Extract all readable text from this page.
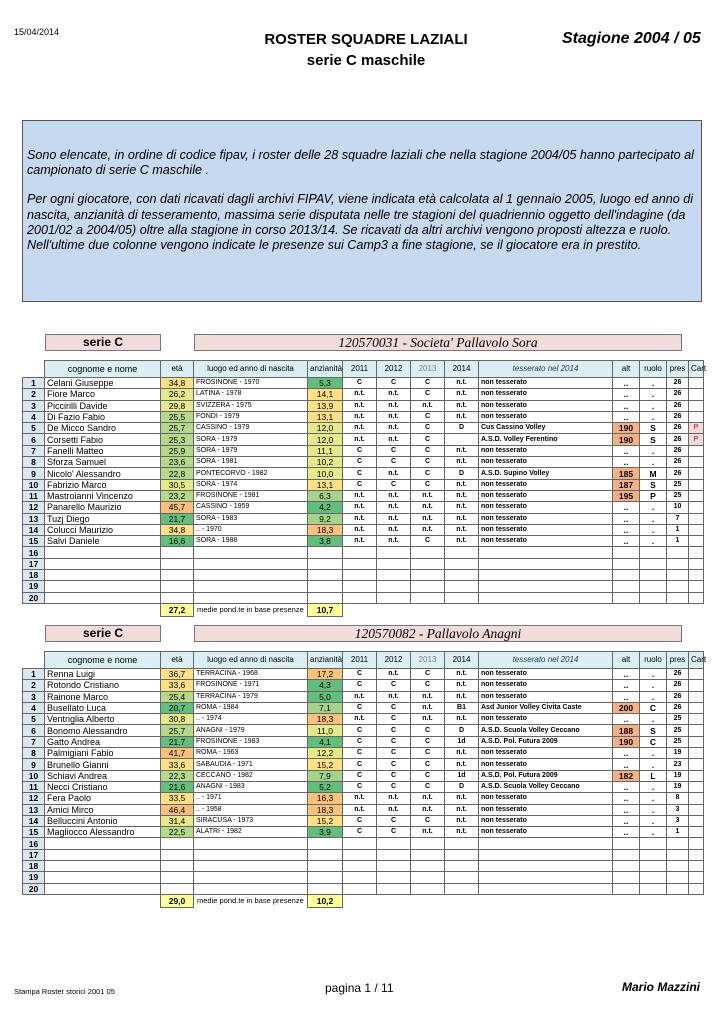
15/04/2014	ROSTER SQUADRE LAZIALI
serie C maschile
Stagione 2004 / 05

Sono elencate, in ordine di codice fipav, i roster delle 28 squadre laziali che nella stagione 2004/05 hanno partecipato al campionato di serie C maschile .

Per ogni giocatore, con dati ricavati dagli archivi FIPAV, viene indicata età calcolata al 1 gennaio 2005, luogo ed anno di nascita, anzianità di tesseramento, massima serie disputata nelle tre stagioni del quadriennio oggetto dell'indagine (da 2001/02 a 2004/05) oltre alla stagione in corso 2013/14. Se ricavati da altri archivi vengono proposti altezza e ruolo. Nell'ultime due colonne vengono indicate le presenze sui Camp3 a fine stagione, se il giocatore era in prestito.

serie C	120570031 - Societa' Pallavolo Sora
	cognome e nome	età	luogo ed anno di nascita	anzianità	2011	2012	2013	2014	tesserato nel 2014	alt	ruolo	pres	Cart
1	Celani Giuseppe	34,8	FROSINONE - 1970	5,3	C	C	C	n.t.	non tesserato	..	.	26	
2	Fiore Marco	26,2	LATINA - 1978	14,1	n.t.	n.t.	C	n.t.	non tesserato	..	.	26	
3	Piccirilli Davide	29,8	SVIZZERA - 1975	13,9	n.t.	n.t.	n.t.	n.t.	non tesserato	..	.	26	
4	Di Fazio Fabio	25,5	FONDI - 1979	13,1	n.t.	n.t.	C	n.t.	non tesserato	..	.	26	
5	De Micco Sandro	25,7	CASSINO - 1979	12,0	n.t.	n.t.	C	D	Cus Cassino Volley	190	S	26	P
6	Corsetti Fabio	25,3	SORA - 1979	12,0	n.t.	n.t.	C		A.S.D. Volley Ferentino	190	S	26	P
7	Fanelli Matteo	25,9	SORA - 1979	11,1	C	C	C	n.t.	non tesserato	..	.	26	
8	Sforza Samuel	23,6	SORA - 1981	10,2	C	C	C	n.t.	non tesserato	..	.	26	
9	Nicolo' Alessandro	22,8	PONTECORVO - 1982	10,0	C	n.t.	C	D	A.S.D. Supino Volley	185	M	26	
10	Fabrizio Marco	30,5	SORA - 1974	13,1	C	C	C	n.t.	non tesserato	187	S	25	
11	Mastroianni Vincenzo	23,2	FROSINONE - 1981	6,3	n.t.	n.t.	n.t.	n.t.	non tesserato	195	P	25	
12	Panarello Maurizio	45,7	CASSINO - 1959	4,2	n.t.	n.t.	n.t.	n.t.	non tesserato	..	.	10	
13	Tuzj Diego	21,7	SORA - 1983	9,2	n.t.	n.t.	n.t.	n.t.	non tesserato	..	.	7	
14	Colucci Maurizio	34,8	.. - 1970	18,3	n.t.	n.t.	n.t.	n.t.	non tesserato	..	.	1	
15	Salvi Daniele	16,6	SORA - 1988	3,8	n.t.	n.t.	C	n.t.	non tesserato	..	.	1	
16													
17													
18													
19													
20													
		27,2	medie pond.te in base presenze	10,7									
serie C	120570082 - Pallavolo Anagni
	cognome e nome	età	luogo ed anno di nascita	anzianità	2011	2012	2013	2014	tesserato nel 2014	alt	ruolo	pres	Cart
1	Renna Luigi	36,7	TERRACINA - 1968	17,2	C	n.t.	C	n.t.	non tesserato	..	.	26	
2	Rotondo Cristiano	33,6	FROSINONE - 1971	4,3	C	C	C	n.t.	non tesserato	..	.	26	
3	Rainone Marco	25,4	TERRACINA - 1979	5,0	n.t.	n.t.	n.t.	n.t.	non tesserato	..	.	26	
4	Busellato Luca	20,7	ROMA - 1984	7,1	C	C	n.t.	B1	Asd Junior Volley Civita Caste	200	C	26	
5	Ventriglia Alberto	30,8	.. - 1974	18,3	n.t.	C	n.t.	n.t.	non tesserato	..	.	25	
6	Bonomo Alessandro	25,7	ANAGNI - 1979	11,0	C	C	C	D	A.S.D. Scuola Volley Ceccano	188	S	25	
7	Gatto Andrea	21,7	FROSINONE - 1983	4,1	C	C	C	1d	A.S.D. Pol. Futura 2009	190	C	25	
8	Palmigiani Fabio	41,7	ROMA - 1963	12,2	C	C	C	n.t.	non tesserato	..	.	19	
9	Brunello Gianni	33,6	SABAUDIA - 1971	15,2	C	C	C	n.t.	non tesserato	..	.	23	
10	Schiavi Andrea	22,3	CECCANO - 1982	7,9	C	C	C	1d	A.S.D. Pol. Futura 2009	182	L	19	
11	Necci Cristiano	21,6	ANAGNI - 1983	5,2	C	C	C	D	A.S.D. Scuola Volley Ceccano	..	.	19	
12	Fera Paolo	33,5	.. - 1971	16,3	n.t.	n.t.	n.t.	n.t.	non tesserato	..	.	8	
13	Amici Mirco	46,4	.. - 1958	18,3	n.t.	n.t.	n.t.	n.t.	non tesserato	..	.	3	
14	Belluccini Antonio	31,4	SIRACUSA - 1973	15,2	C	C	C	n.t.	non tesserato	..	.	3	
15	Magliocco Alessandro	22,5	ALATRI - 1982	3,9	C	C	n.t.	n.t.	non tesserato	..	.	1	
16													
17													
18													
19													
20													
		29,0	medie pond.te in base presenze	10,2									
Stampa Roster storici 2001 05	pagina 1 / 11	Mario Mazzini
